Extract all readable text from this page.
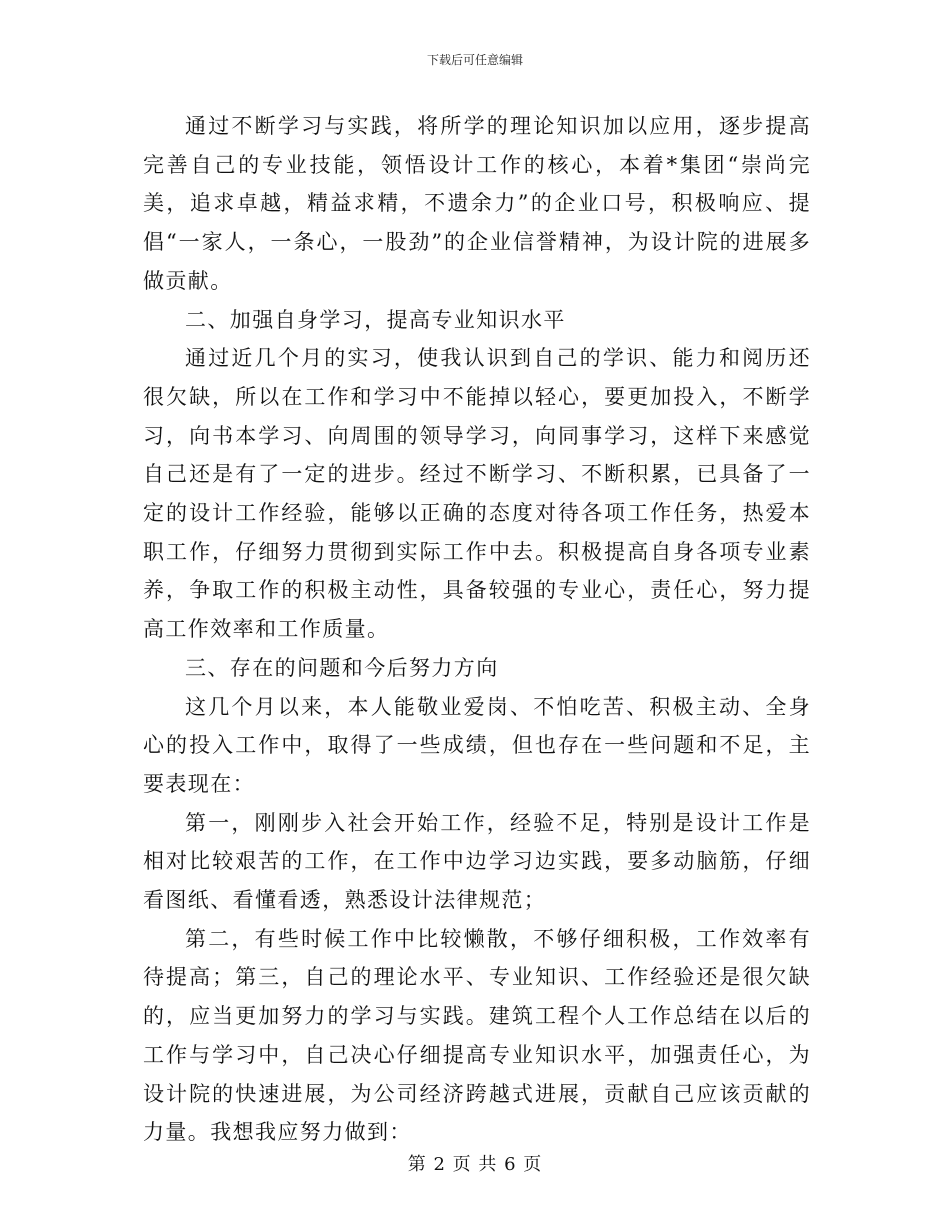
下载后可任意编辑

通过不断学习与实践，将所学的理论知识加以应用，逐步提高完善自己的专业技能，领悟设计工作的核心，本着*集团“崇尚完美，追求卓越，精益求精，不遗余力”的企业口号，积极响应、提倡“一家人，一条心，一股劲”的企业信誉精神，为设计院的进展多做贡献。

二、加强自身学习，提高专业知识水平

通过近几个月的实习，使我认识到自己的学识、能力和阅历还很欠缺，所以在工作和学习中不能掉以轻心，要更加投入，不断学习，向书本学习、向周围的领导学习，向同事学习，这样下来感觉自己还是有了一定的进步。经过不断学习、不断积累，已具备了一定的设计工作经验，能够以正确的态度对待各项工作任务，热爱本职工作，仔细努力贯彻到实际工作中去。积极提高自身各项专业素养，争取工作的积极主动性，具备较强的专业心，责任心，努力提高工作效率和工作质量。

三、存在的问题和今后努力方向

这几个月以来，本人能敬业爱岗、不怕吃苦、积极主动、全身心的投入工作中，取得了一些成绩，但也存在一些问题和不足，主要表现在：

第一，刚刚步入社会开始工作，经验不足，特别是设计工作是相对比较艰苦的工作，在工作中边学习边实践，要多动脑筋，仔细看图纸、看懂看透，熟悉设计法律规范；

第二，有些时候工作中比较懒散，不够仔细积极，工作效率有待提高；第三，自己的理论水平、专业知识、工作经验还是很欠缺的，应当更加努力的学习与实践。建筑工程个人工作总结在以后的工作与学习中，自己决心仔细提高专业知识水平，加强责任心，为设计院的快速进展，为公司经济跨越式进展，贡献自己应该贡献的力量。我想我应努力做到：

第 2 页 共 6 页
